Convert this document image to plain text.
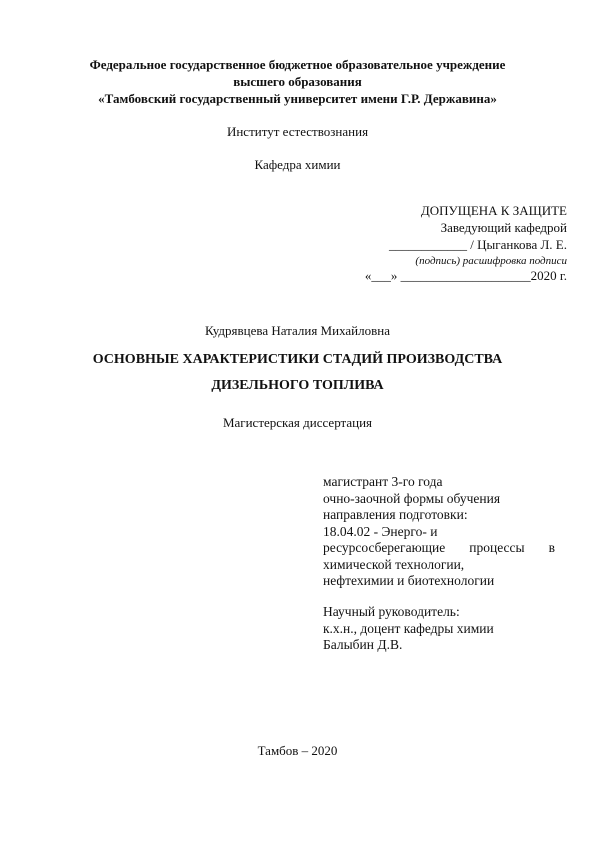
Федеральное государственное бюджетное образовательное учреждение
высшего образования
«Тамбовский государственный университет имени Г.Р. Державина»
Институт естествознания
Кафедра химии
ДОПУЩЕНА К ЗАЩИТЕ
Заведующий кафедрой
____________ / Цыганкова Л. Е.
(подпись) расшифровка подписи
«___» ____________________2020 г.
Кудрявцева Наталия Михайловна
ОСНОВНЫЕ ХАРАКТЕРИСТИКИ СТАДИЙ ПРОИЗВОДСТВА
ДИЗЕЛЬНОГО ТОПЛИВА
Магистерская диссертация
магистрант 3-го года
очно-заочной формы обучения
направления подготовки:
18.04.02 - Энерго- и
ресурсосберегающие процессы в
химической технологии,
нефтехимии и биотехнологии
Научный руководитель:
к.х.н., доцент кафедры химии
Балыбин Д.В.
Тамбов – 2020
